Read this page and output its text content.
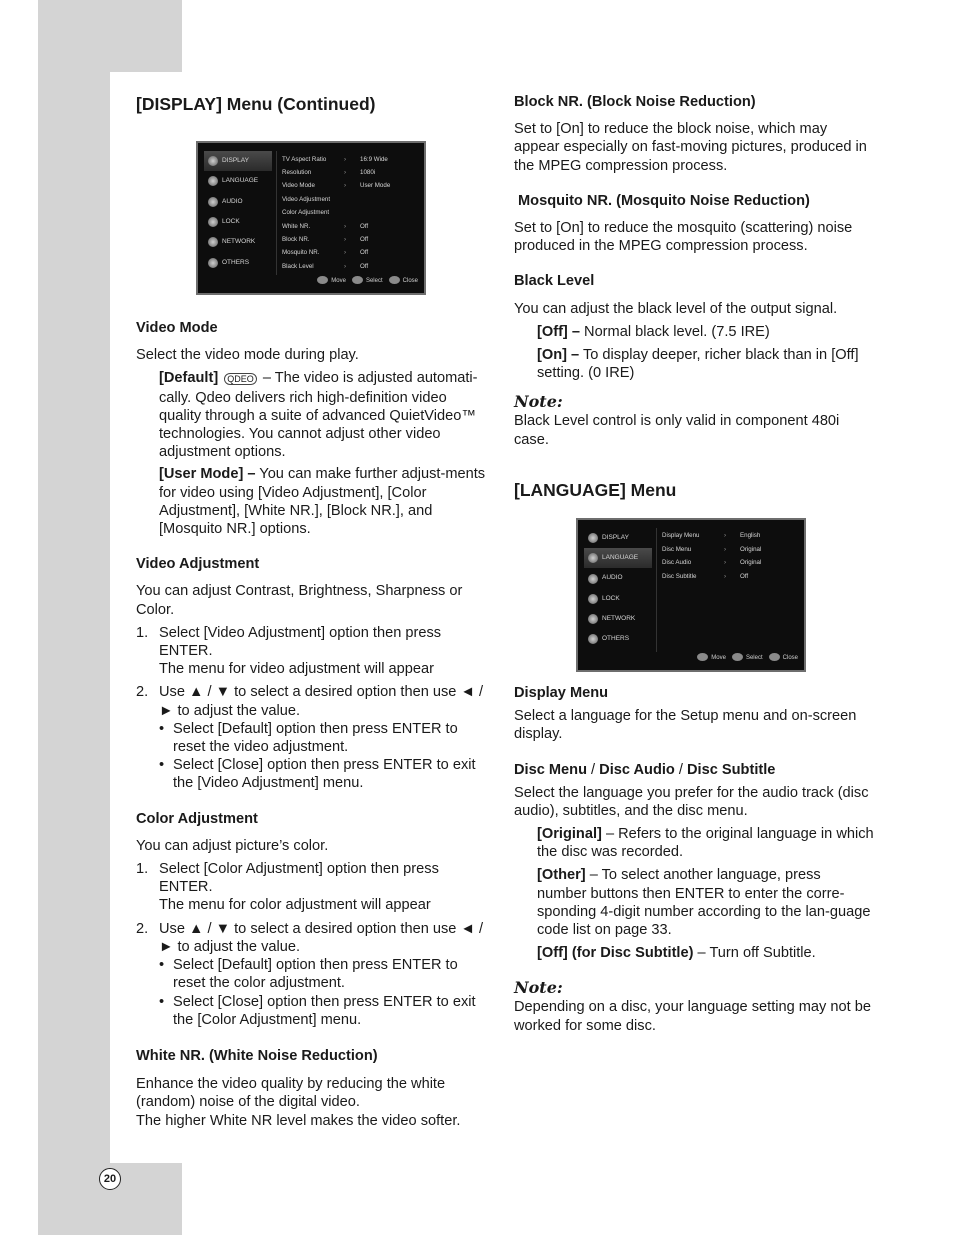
[DISPLAY] Menu (Continued)

DISPLAY
LANGUAGE
AUDIO
LOCK
NETWORK
OTHERS
TV Aspect Ratio	›	16:9 Wide
Resolution	›	1080i
Video Mode	›	User Mode
Video Adjustment
Color Adjustment
White NR.	›	Off
Block NR.	›	Off
Mosquito NR.	›	Off
Black Level	›	Off
Move	Select	Close

Video Mode

Select the video mode during play.

[Default] QDEO – The video is adjusted automati-cally. Qdeo delivers rich high-definition video quality through a suite of advanced QuietVideo™ technologies. You cannot adjust other video adjustment options.

[User Mode] – You can make further adjust-ments for video using [Video Adjustment], [Color Adjustment], [White NR.], [Block NR.], and [Mosquito NR.] options.

Video Adjustment

You can adjust Contrast, Brightness, Sharpness or Color.

1. Select [Video Adjustment] option then press ENTER.

The menu for video adjustment will appear

2. Use ▲ / ▼ to select a desired option then use ◄ / ► to adjust the value.

• Select [Default] option then press ENTER to reset the video adjustment.

• Select [Close] option then press ENTER to exit the [Video Adjustment] menu.

Color Adjustment

You can adjust picture’s color.

1. Select [Color Adjustment] option then press ENTER.

The menu for color adjustment will appear

2. Use ▲ / ▼ to select a desired option then use ◄ / ► to adjust the value.

• Select [Default] option then press ENTER to reset the color adjustment.

• Select [Close] option then press ENTER to exit the [Color Adjustment] menu.

White NR. (White Noise Reduction)

Enhance the video quality by reducing the white (random) noise of the digital video.

The higher White NR level makes the video softer.

Block NR. (Block Noise Reduction)

Set to [On] to reduce the block noise, which may appear especially on fast-moving pictures, produced in the MPEG compression process.

Mosquito NR. (Mosquito Noise Reduction)

Set to [On] to reduce the mosquito (scattering) noise produced in the MPEG compression process.

Black Level

You can adjust the black level of the output signal.

[Off] – Normal black level. (7.5 IRE)

[On] – To display deeper, richer black than in [Off] setting. (0 IRE)

Note:

Black Level control is only valid in component 480i case.

[LANGUAGE] Menu

DISPLAY
LANGUAGE
AUDIO
LOCK
NETWORK
OTHERS
Display Menu	›	English
Disc Menu	›	Original
Disc Audio	›	Original
Disc Subtitle	›	Off
Move	Select	Close

Display Menu

Select a language for the Setup menu and on-screen display.

Disc Menu / Disc Audio / Disc Subtitle

Select the language you prefer for the audio track (disc audio), subtitles, and the disc menu.

[Original] – Refers to the original language in which the disc was recorded.

[Other] – To select another language, press number buttons then ENTER to enter the corre-sponding 4-digit number according to the lan-guage code list on page 33.

[Off] (for Disc Subtitle) – Turn off Subtitle.

Note:

Depending on a disc, your language setting may not be worked for some disc.

20
